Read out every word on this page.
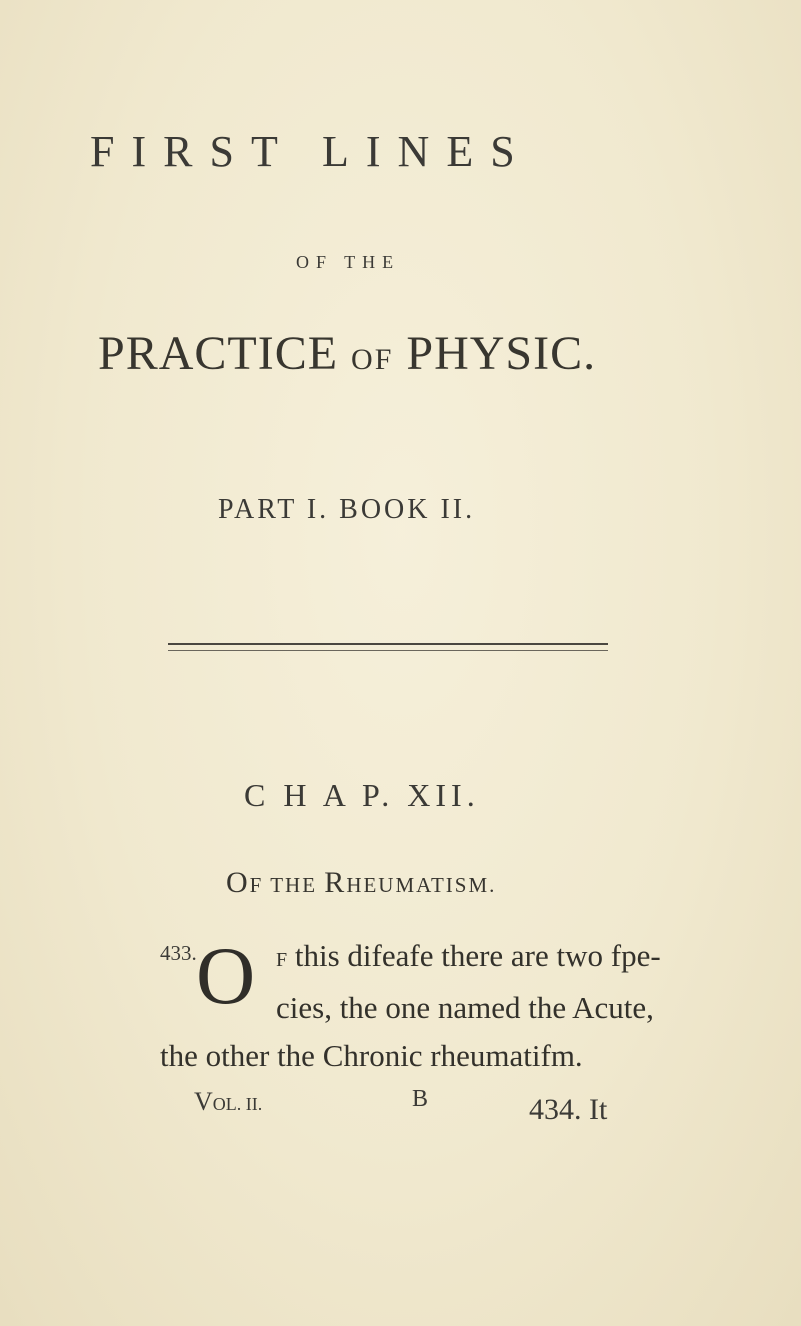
FIRST LINES
OF THE
PRACTICE OF PHYSIC.
PART I. BOOK II.
C H A P. XII.
OF THE RHEUMATISM.
433. O F this difeafe there are two fpe-
cies, the one named the Acute,
the other the Chronic rheumatifm.
VOL. II.	B	434. It
